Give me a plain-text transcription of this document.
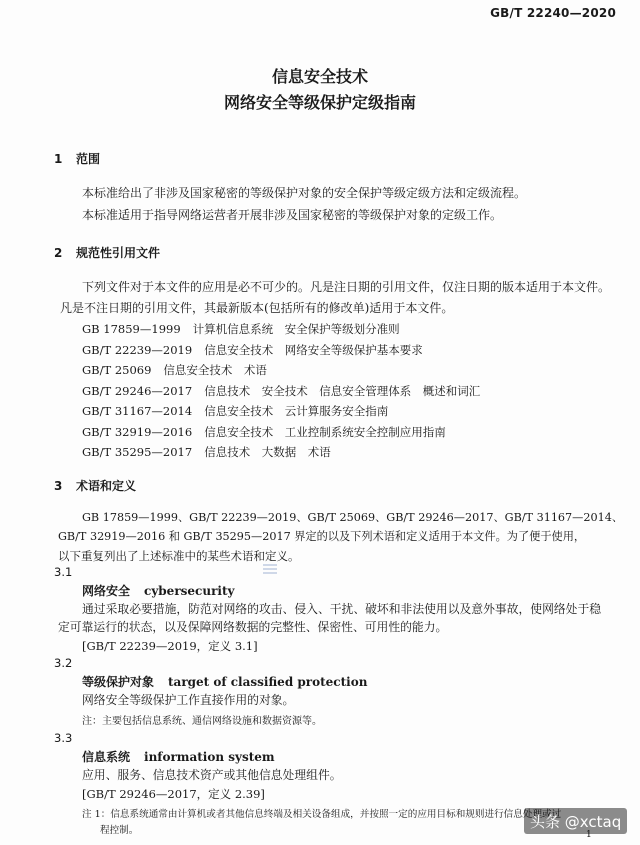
GB/T 22240—2020
信息安全技术
网络安全等级保护定级指南
1 范围
本标准给出了非涉及国家秘密的等级保护对象的安全保护等级定级方法和定级流程。
本标准适用于指导网络运营者开展非涉及国家秘密的等级保护对象的定级工作。
2 规范性引用文件
下列文件对于本文件的应用是必不可少的。凡是注日期的引用文件，仅注日期的版本适用于本文件。
凡是不注日期的引用文件，其最新版本(包括所有的修改单)适用于本文件。
GB 17859—1999 计算机信息系统　安全保护等级划分准则
GB/T 22239—2019 信息安全技术　网络安全等级保护基本要求
GB/T 25069 信息安全技术　术语
GB/T 29246—2017 信息技术　安全技术　信息安全管理体系　概述和词汇
GB/T 31167—2014 信息安全技术　云计算服务安全指南
GB/T 32919—2016 信息安全技术　工业控制系统安全控制应用指南
GB/T 35295—2017 信息技术　大数据　术语
3 术语和定义
GB 17859—1999、GB/T 22239—2019、GB/T 25069、GB/T 29246—2017、GB/T 31167—2014、
GB/T 32919—2016 和 GB/T 35295—2017 界定的以及下列术语和定义适用于本文件。为了便于使用，
以下重复列出了上述标准中的某些术语和定义。
3.1
网络安全 cybersecurity
通过采取必要措施，防范对网络的攻击、侵入、干扰、破坏和非法使用以及意外事故，使网络处于稳
定可靠运行的状态，以及保障网络数据的完整性、保密性、可用性的能力。
[GB/T 22239—2019，定义 3.1]
3.2
等级保护对象 target of classified protection
网络安全等级保护工作直接作用的对象。
注：主要包括信息系统、通信网络设施和数据资源等。
3.3
信息系统 information system
应用、服务、信息技术资产或其他信息处理组件。
[GB/T 29246—2017，定义 2.39]
注 1：信息系统通常由计算机或者其他信息终端及相关设备组成，并按照一定的应用目标和规则进行信息处理或过
程控制。	1
头条 @xctaq
